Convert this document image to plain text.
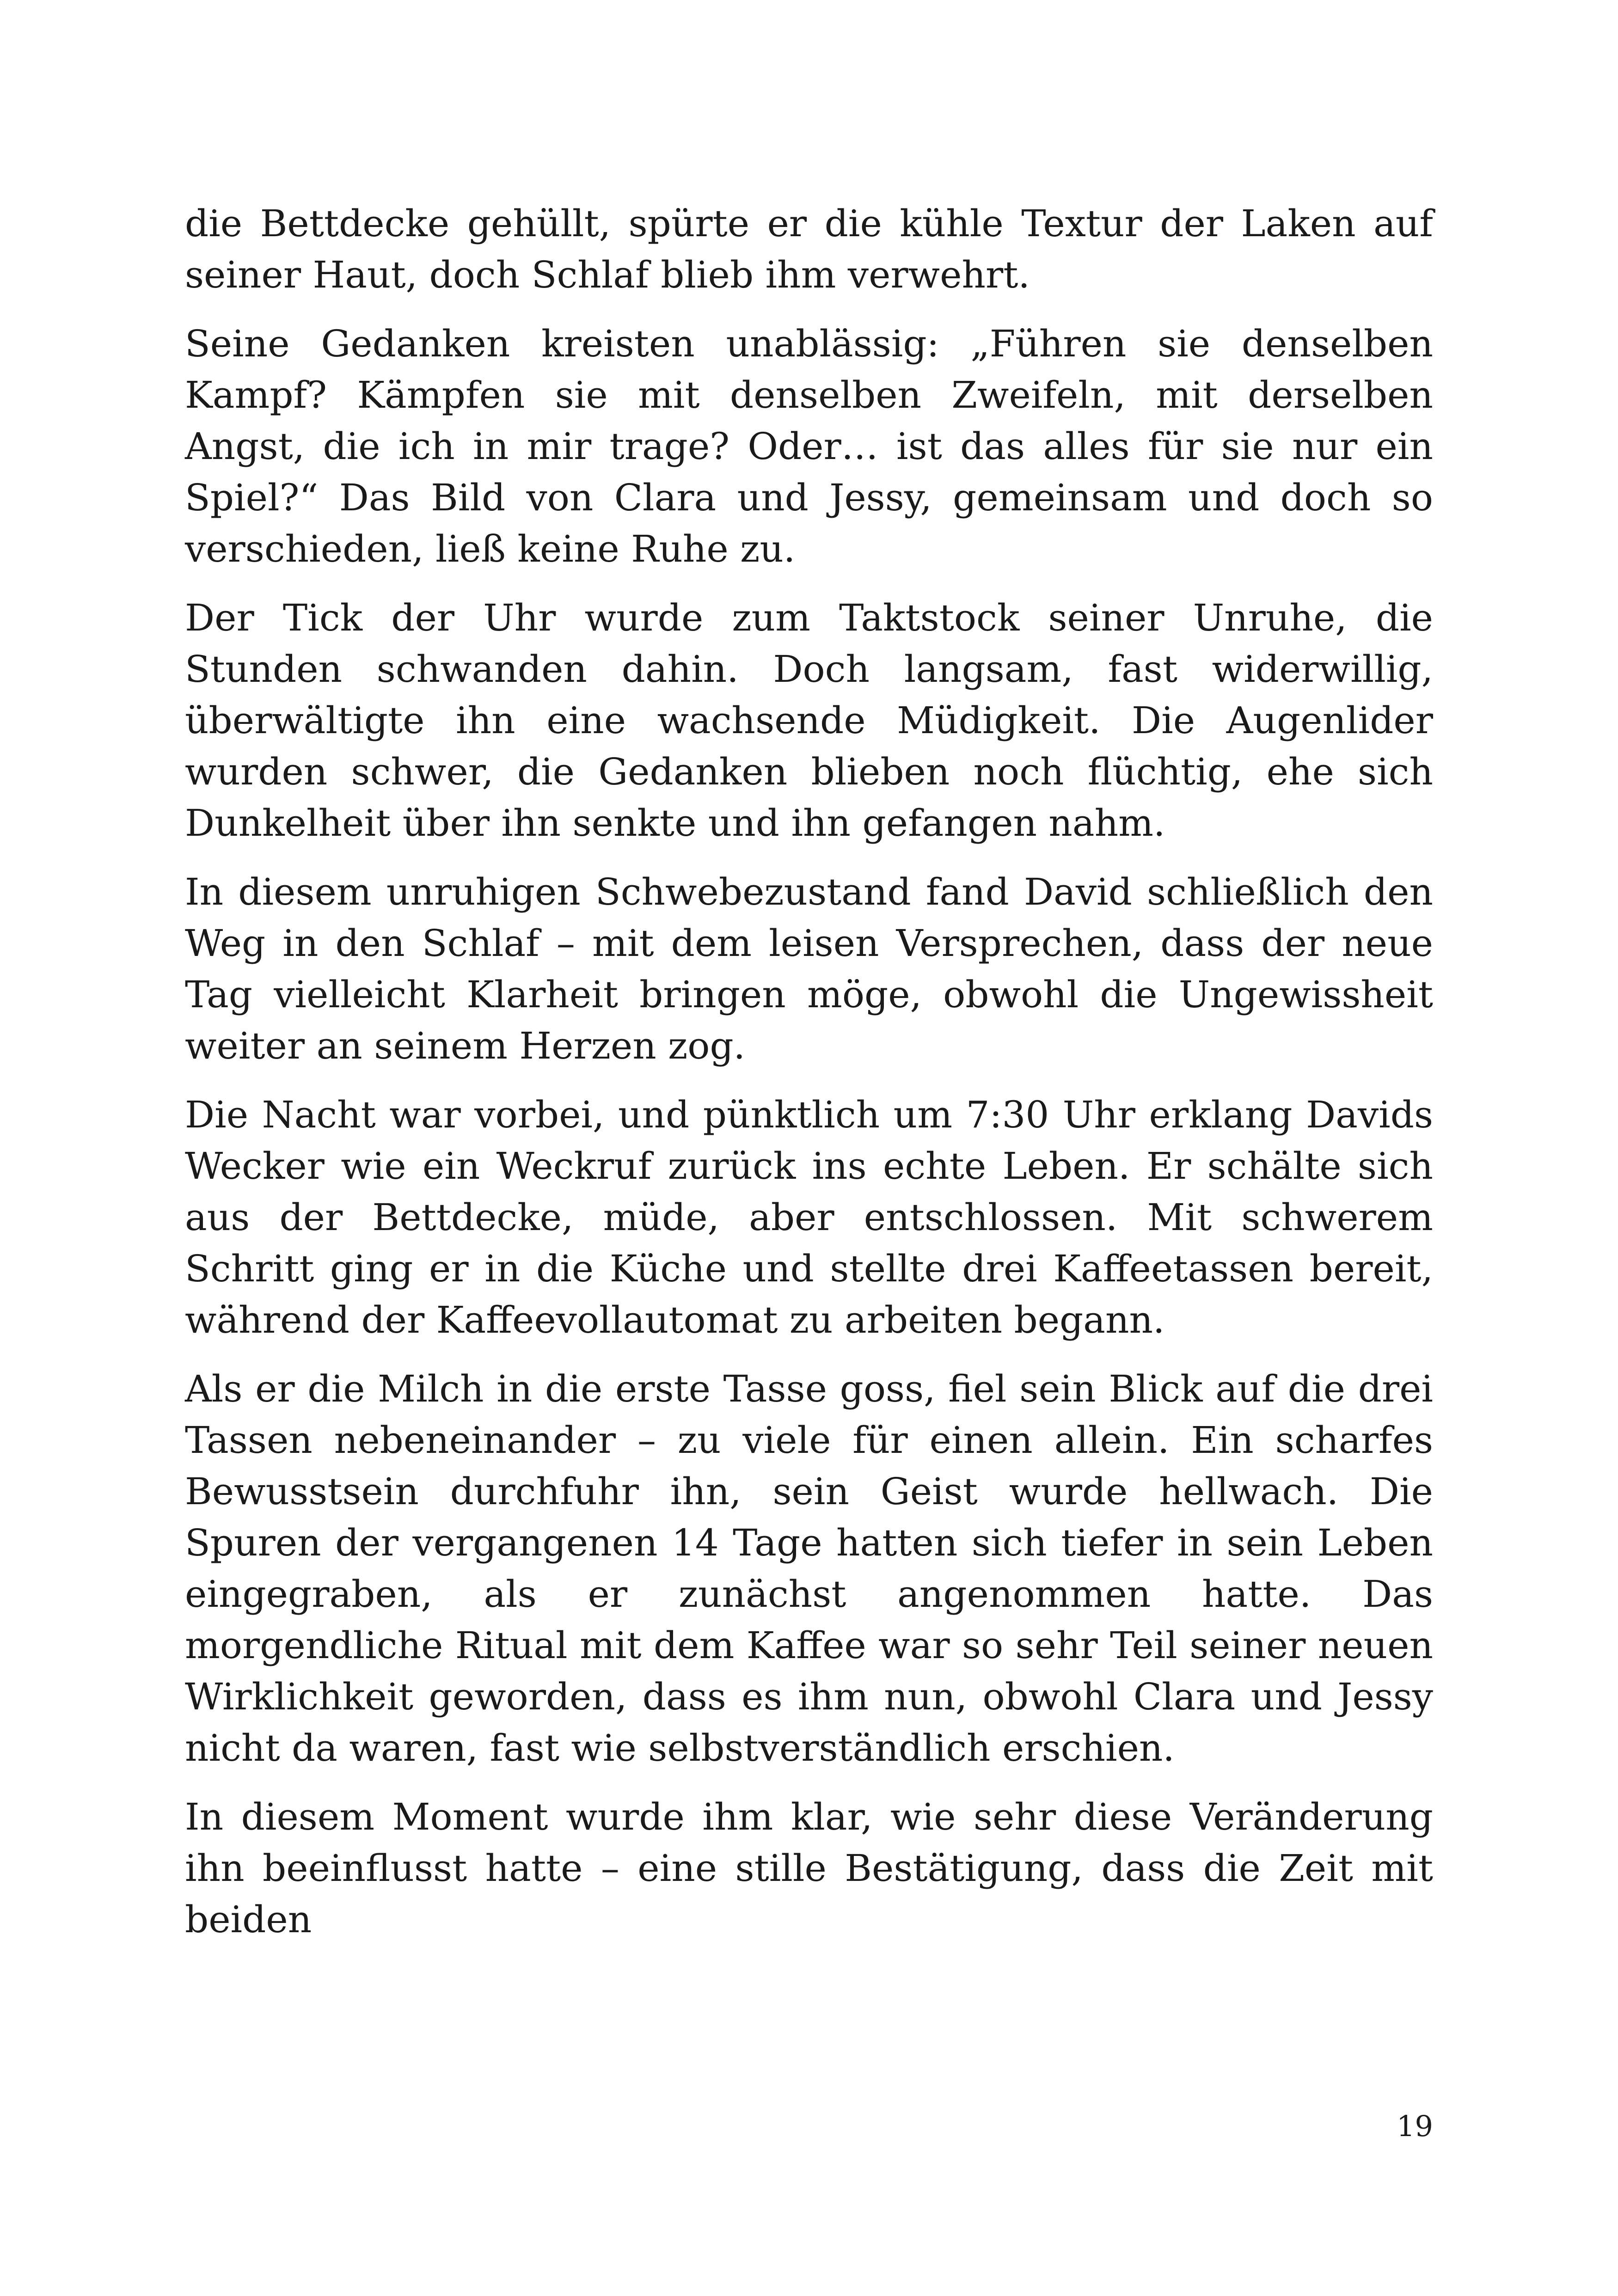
die Bettdecke gehüllt, spürte er die kühle Textur der Laken auf seiner Haut, doch Schlaf blieb ihm verwehrt.

Seine Gedanken kreisten unablässig: „Führen sie denselben Kampf? Kämpfen sie mit denselben Zweifeln, mit derselben Angst, die ich in mir trage? Oder… ist das alles für sie nur ein Spiel?“ Das Bild von Clara und Jessy, gemeinsam und doch so verschieden, ließ keine Ruhe zu.

Der Tick der Uhr wurde zum Taktstock seiner Unruhe, die Stunden schwanden dahin. Doch langsam, fast widerwillig, überwältigte ihn eine wachsende Müdigkeit. Die Augenlider wurden schwer, die Gedanken blieben noch flüchtig, ehe sich Dunkelheit über ihn senkte und ihn gefangen nahm.

In diesem unruhigen Schwebezustand fand David schließlich den Weg in den Schlaf – mit dem leisen Versprechen, dass der neue Tag vielleicht Klarheit bringen möge, obwohl die Ungewissheit weiter an seinem Herzen zog.

Die Nacht war vorbei, und pünktlich um 7:30 Uhr erklang Davids Wecker wie ein Weckruf zurück ins echte Leben. Er schälte sich aus der Bettdecke, müde, aber entschlossen. Mit schwerem Schritt ging er in die Küche und stellte drei Kaffeetassen bereit, während der Kaffeevollautomat zu arbeiten begann.

Als er die Milch in die erste Tasse goss, fiel sein Blick auf die drei Tassen nebeneinander – zu viele für einen allein. Ein scharfes Bewusstsein durchfuhr ihn, sein Geist wurde hellwach. Die Spuren der vergangenen 14 Tage hatten sich tiefer in sein Leben eingegraben, als er zunächst angenommen hatte. Das morgendliche Ritual mit dem Kaffee war so sehr Teil seiner neuen Wirklichkeit geworden, dass es ihm nun, obwohl Clara und Jessy nicht da waren, fast wie selbstverständlich erschien.

In diesem Moment wurde ihm klar, wie sehr diese Veränderung ihn beeinflusst hatte – eine stille Bestätigung, dass die Zeit mit beiden

19
